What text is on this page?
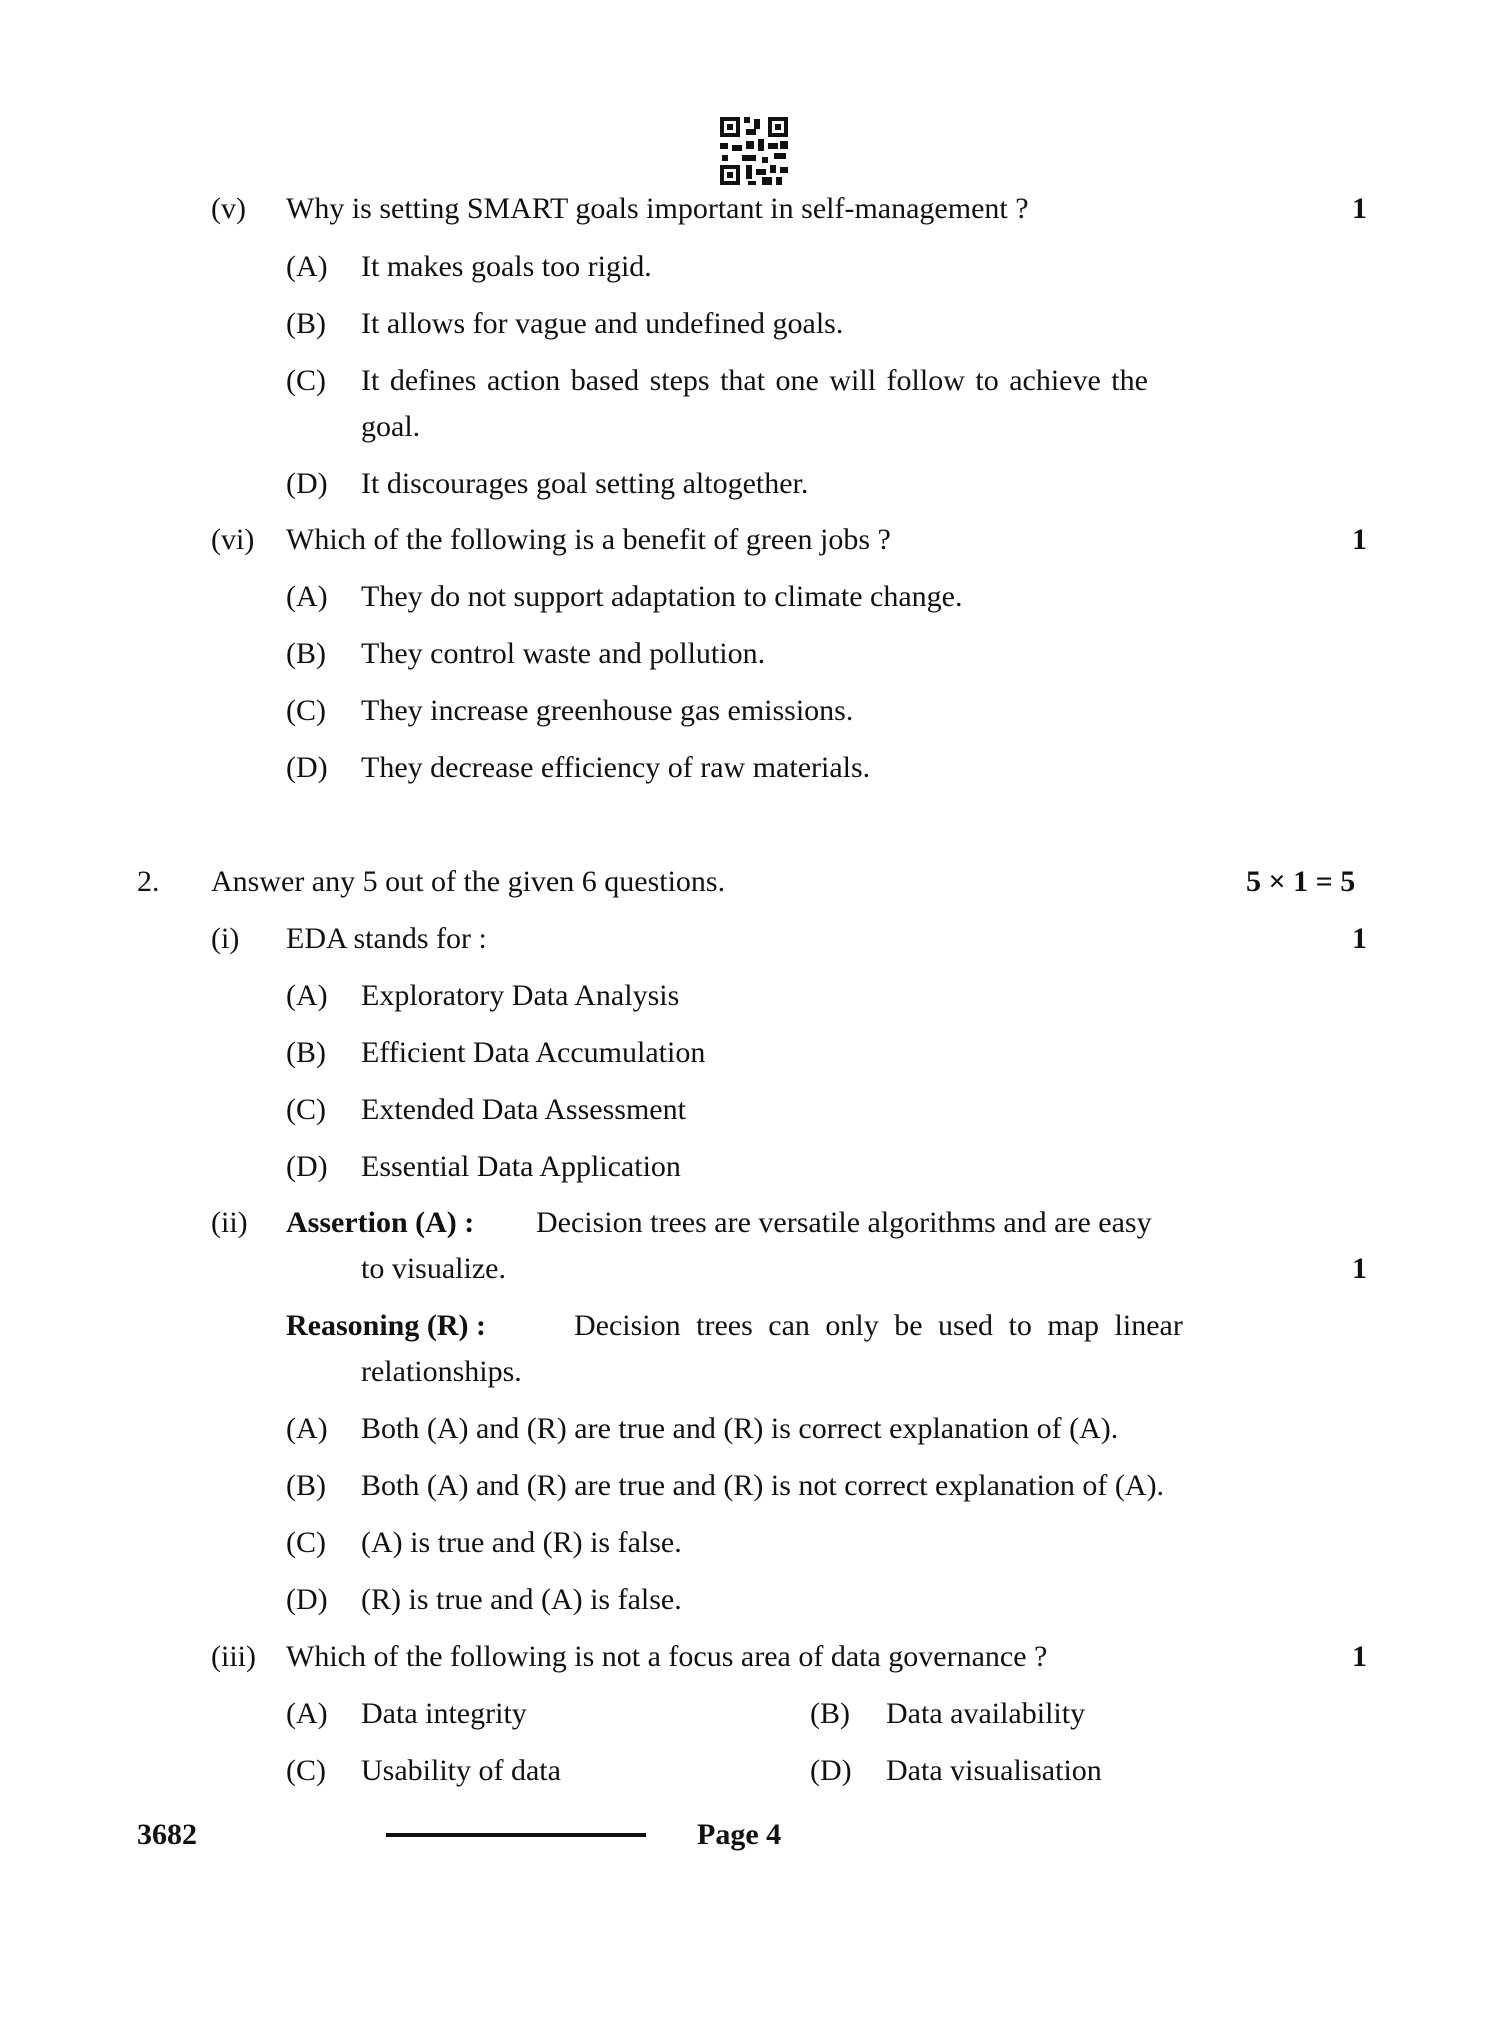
(v) Why is setting SMART goals important in self-management ?	1
(A) It makes goals too rigid.
(B) It allows for vague and undefined goals.
(C) It defines action based steps that one will follow to achieve the
goal.
(D) It discourages goal setting altogether.
(vi) Which of the following is a benefit of green jobs ?	1
(A) They do not support adaptation to climate change.
(B) They control waste and pollution.
(C) They increase greenhouse gas emissions.
(D) They decrease efficiency of raw materials.
2. Answer any 5 out of the given 6 questions.	5 × 1 = 5
(i) EDA stands for :	1
(A) Exploratory Data Analysis
(B) Efficient Data Accumulation
(C) Extended Data Assessment
(D) Essential Data Application
(ii) Assertion (A) : Decision trees are versatile algorithms and are easy
to visualize.	1
Reasoning (R) :	Decision trees can only be used to map linear
relationships.
(A) Both (A) and (R) are true and (R) is correct explanation of (A).
(B) Both (A) and (R) are true and (R) is not correct explanation of (A).
(C) (A) is true and (R) is false.
(D) (R) is true and (A) is false.
(iii) Which of the following is not a focus area of data governance ?	1
(A) Data integrity	(B) Data availability
(C) Usability of data	(D) Data visualisation
3682	Page 4
